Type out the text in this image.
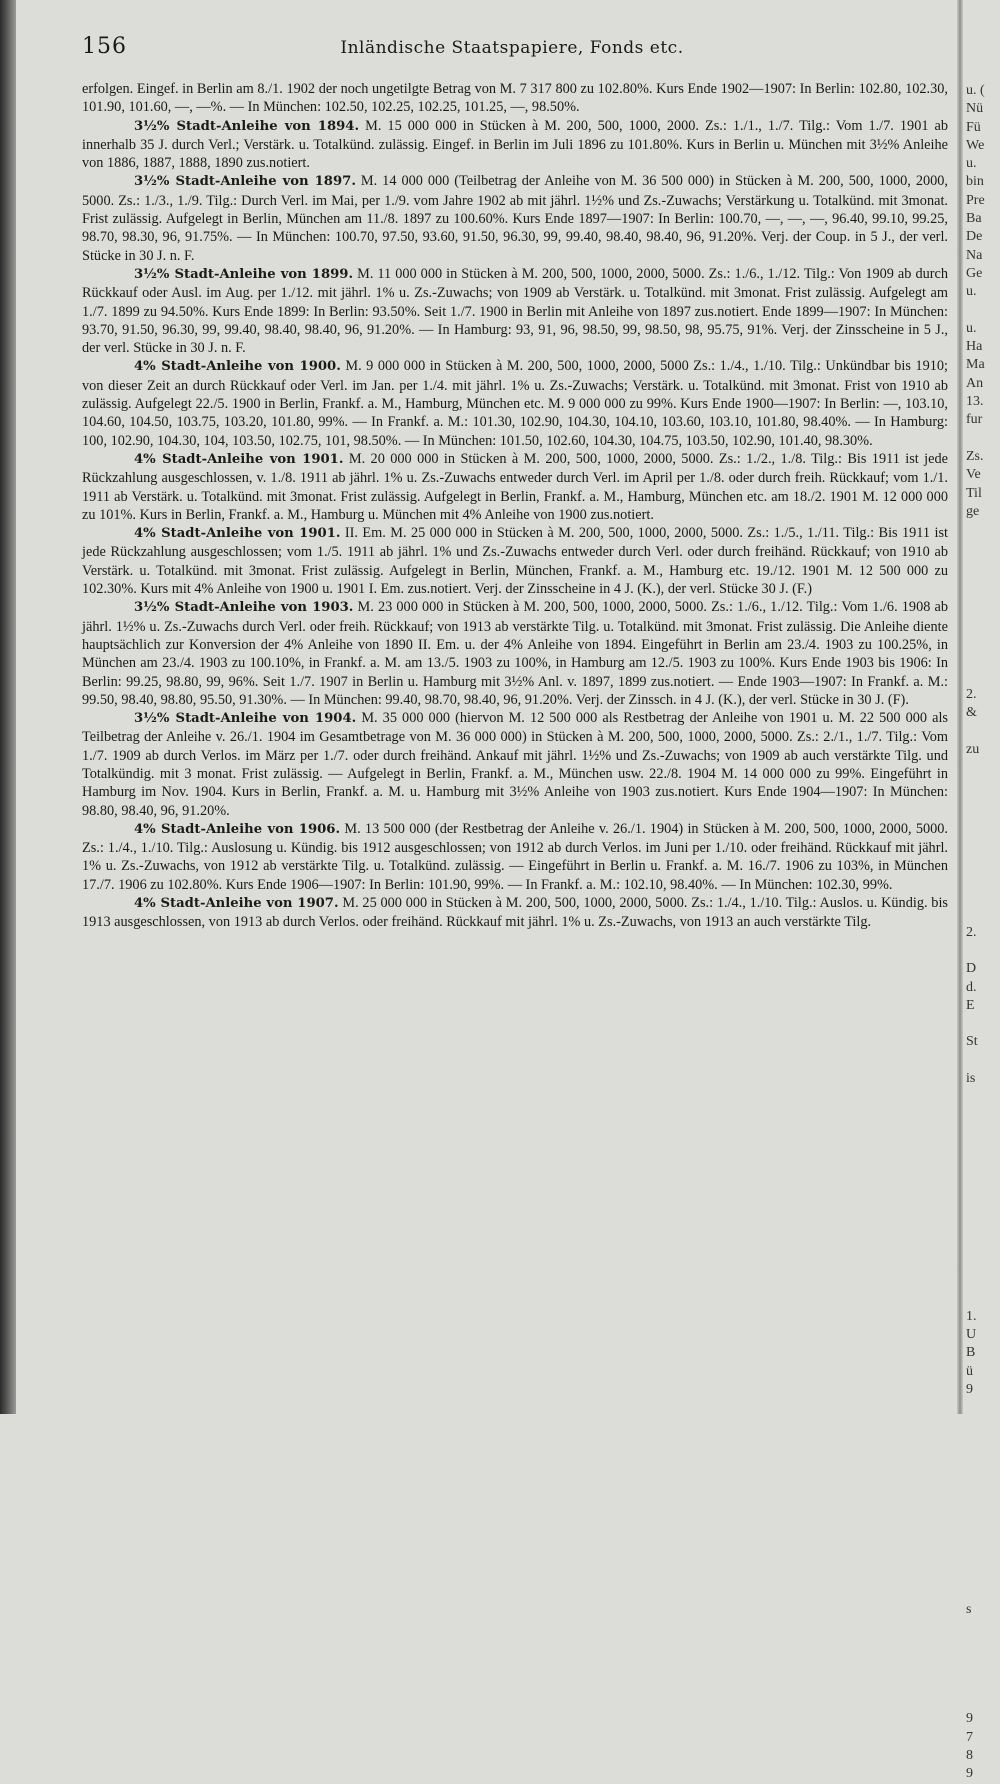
156	Inländische Staatspapiere, Fonds etc.

erfolgen. Eingef. in Berlin am 8./1. 1902 der noch ungetilgte Betrag von M. 7 317 800 zu 102.80%. Kurs Ende 1902—1907: In Berlin: 102.80, 102.30, 101.90, 101.60, —, —%. — In München: 102.50, 102.25, 102.25, 101.25, —, 98.50%.

3½% Stadt-Anleihe von 1894. M. 15 000 000 in Stücken à M. 200, 500, 1000, 2000. Zs.: 1./1., 1./7. Tilg.: Vom 1./7. 1901 ab innerhalb 35 J. durch Verl.; Verstärk. u. Totalkünd. zulässig. Eingef. in Berlin im Juli 1896 zu 101.80%. Kurs in Berlin u. München mit 3½% Anleihe von 1886, 1887, 1888, 1890 zus.notiert.

3½% Stadt-Anleihe von 1897. M. 14 000 000 (Teilbetrag der Anleihe von M. 36 500 000) in Stücken à M. 200, 500, 1000, 2000, 5000. Zs.: 1./3., 1./9. Tilg.: Durch Verl. im Mai, per 1./9. vom Jahre 1902 ab mit jährl. 1½% und Zs.-Zuwachs; Verstärkung u. Totalkünd. mit 3monat. Frist zulässig. Aufgelegt in Berlin, München am 11./8. 1897 zu 100.60%. Kurs Ende 1897—1907: In Berlin: 100.70, —, —, —, 96.40, 99.10, 99.25, 98.70, 98.30, 96, 91.75%. — In München: 100.70, 97.50, 93.60, 91.50, 96.30, 99, 99.40, 98.40, 98.40, 96, 91.20%. Verj. der Coup. in 5 J., der verl. Stücke in 30 J. n. F.

3½% Stadt-Anleihe von 1899. M. 11 000 000 in Stücken à M. 200, 500, 1000, 2000, 5000. Zs.: 1./6., 1./12. Tilg.: Von 1909 ab durch Rückkauf oder Ausl. im Aug. per 1./12. mit jährl. 1% u. Zs.-Zuwachs; von 1909 ab Verstärk. u. Totalkünd. mit 3monat. Frist zulässig. Aufgelegt am 1./7. 1899 zu 94.50%. Kurs Ende 1899: In Berlin: 93.50%. Seit 1./7. 1900 in Berlin mit Anleihe von 1897 zus.notiert. Ende 1899—1907: In München: 93.70, 91.50, 96.30, 99, 99.40, 98.40, 98.40, 96, 91.20%. — In Hamburg: 93, 91, 96, 98.50, 99, 98.50, 98, 95.75, 91%. Verj. der Zinsscheine in 5 J., der verl. Stücke in 30 J. n. F.

4% Stadt-Anleihe von 1900. M. 9 000 000 in Stücken à M. 200, 500, 1000, 2000, 5000 Zs.: 1./4., 1./10. Tilg.: Unkündbar bis 1910; von dieser Zeit an durch Rückkauf oder Verl. im Jan. per 1./4. mit jährl. 1% u. Zs.-Zuwachs; Verstärk. u. Totalkünd. mit 3monat. Frist von 1910 ab zulässig. Aufgelegt 22./5. 1900 in Berlin, Frankf. a. M., Hamburg, München etc. M. 9 000 000 zu 99%. Kurs Ende 1900—1907: In Berlin: —, 103.10, 104.60, 104.50, 103.75, 103.20, 101.80, 99%. — In Frankf. a. M.: 101.30, 102.90, 104.30, 104.10, 103.60, 103.10, 101.80, 98.40%. — In Hamburg: 100, 102.90, 104.30, 104, 103.50, 102.75, 101, 98.50%. — In München: 101.50, 102.60, 104.30, 104.75, 103.50, 102.90, 101.40, 98.30%.

4% Stadt-Anleihe von 1901. M. 20 000 000 in Stücken à M. 200, 500, 1000, 2000, 5000. Zs.: 1./2., 1./8. Tilg.: Bis 1911 ist jede Rückzahlung ausgeschlossen, v. 1./8. 1911 ab jährl. 1% u. Zs.-Zuwachs entweder durch Verl. im April per 1./8. oder durch freih. Rückkauf; vom 1./1. 1911 ab Verstärk. u. Totalkünd. mit 3monat. Frist zulässig. Aufgelegt in Berlin, Frankf. a. M., Hamburg, München etc. am 18./2. 1901 M. 12 000 000 zu 101%. Kurs in Berlin, Frankf. a. M., Hamburg u. München mit 4% Anleihe von 1900 zus.notiert.

4% Stadt-Anleihe von 1901. II. Em. M. 25 000 000 in Stücken à M. 200, 500, 1000, 2000, 5000. Zs.: 1./5., 1./11. Tilg.: Bis 1911 ist jede Rückzahlung ausgeschlossen; vom 1./5. 1911 ab jährl. 1% und Zs.-Zuwachs entweder durch Verl. oder durch freihänd. Rückkauf; von 1910 ab Verstärk. u. Totalkünd. mit 3monat. Frist zulässig. Aufgelegt in Berlin, München, Frankf. a. M., Hamburg etc. 19./12. 1901 M. 12 500 000 zu 102.30%. Kurs mit 4% Anleihe von 1900 u. 1901 I. Em. zus.notiert. Verj. der Zinsscheine in 4 J. (K.), der verl. Stücke 30 J. (F.)

3½% Stadt-Anleihe von 1903. M. 23 000 000 in Stücken à M. 200, 500, 1000, 2000, 5000. Zs.: 1./6., 1./12. Tilg.: Vom 1./6. 1908 ab jährl. 1½% u. Zs.-Zuwachs durch Verl. oder freih. Rückkauf; von 1913 ab verstärkte Tilg. u. Totalkünd. mit 3monat. Frist zulässig. Die Anleihe diente hauptsächlich zur Konversion der 4% Anleihe von 1890 II. Em. u. der 4% Anleihe von 1894. Eingeführt in Berlin am 23./4. 1903 zu 100.25%, in München am 23./4. 1903 zu 100.10%, in Frankf. a. M. am 13./5. 1903 zu 100%, in Hamburg am 12./5. 1903 zu 100%. Kurs Ende 1903 bis 1906: In Berlin: 99.25, 98.80, 99, 96%. Seit 1./7. 1907 in Berlin u. Hamburg mit 3½% Anl. v. 1897, 1899 zus.notiert. — Ende 1903—1907: In Frankf. a. M.: 99.50, 98.40, 98.80, 95.50, 91.30%. — In München: 99.40, 98.70, 98.40, 96, 91.20%. Verj. der Zinssch. in 4 J. (K.), der verl. Stücke in 30 J. (F).

3½% Stadt-Anleihe von 1904. M. 35 000 000 (hiervon M. 12 500 000 als Restbetrag der Anleihe von 1901 u. M. 22 500 000 als Teilbetrag der Anleihe v. 26./1. 1904 im Gesamtbetrage von M. 36 000 000) in Stücken à M. 200, 500, 1000, 2000, 5000. Zs.: 2./1., 1./7. Tilg.: Vom 1./7. 1909 ab durch Verlos. im März per 1./7. oder durch freihänd. Ankauf mit jährl. 1½% und Zs.-Zuwachs; von 1909 ab auch verstärkte Tilg. und Totalkündig. mit 3 monat. Frist zulässig. — Aufgelegt in Berlin, Frankf. a. M., München usw. 22./8. 1904 M. 14 000 000 zu 99%. Eingeführt in Hamburg im Nov. 1904. Kurs in Berlin, Frankf. a. M. u. Hamburg mit 3½% Anleihe von 1903 zus.notiert. Kurs Ende 1904—1907: In München: 98.80, 98.40, 96, 91.20%.

4% Stadt-Anleihe von 1906. M. 13 500 000 (der Restbetrag der Anleihe v. 26./1. 1904) in Stücken à M. 200, 500, 1000, 2000, 5000. Zs.: 1./4., 1./10. Tilg.: Auslosung u. Kündig. bis 1912 ausgeschlossen; von 1912 ab durch Verlos. im Juni per 1./10. oder freihänd. Rückkauf mit jährl. 1% u. Zs.-Zuwachs, von 1912 ab verstärkte Tilg. u. Totalkünd. zulässig. — Eingeführt in Berlin u. Frankf. a. M. 16./7. 1906 zu 103%, in München 17./7. 1906 zu 102.80%. Kurs Ende 1906—1907: In Berlin: 101.90, 99%. — In Frankf. a. M.: 102.10, 98.40%. — In München: 102.30, 99%.

4% Stadt-Anleihe von 1907. M. 25 000 000 in Stücken à M. 200, 500, 1000, 2000, 5000. Zs.: 1./4., 1./10. Tilg.: Auslos. u. Kündig. bis 1913 ausgeschlossen, von 1913 ab durch Verlos. oder freihänd. Rückkauf mit jährl. 1% u. Zs.-Zuwachs, von 1913 an auch verstärkte Tilg.

u. (
Nü
Fü
We
u.
bin
Pre
Ba
De
Na
Ge
u.
u.
Ha
Ma
An
13.
fur
Zs.
Ve
Til
ge
2.
&
zu
2.
D
d.
E
St
is
1.
U
B
ü
9
s
9
7
8
9
